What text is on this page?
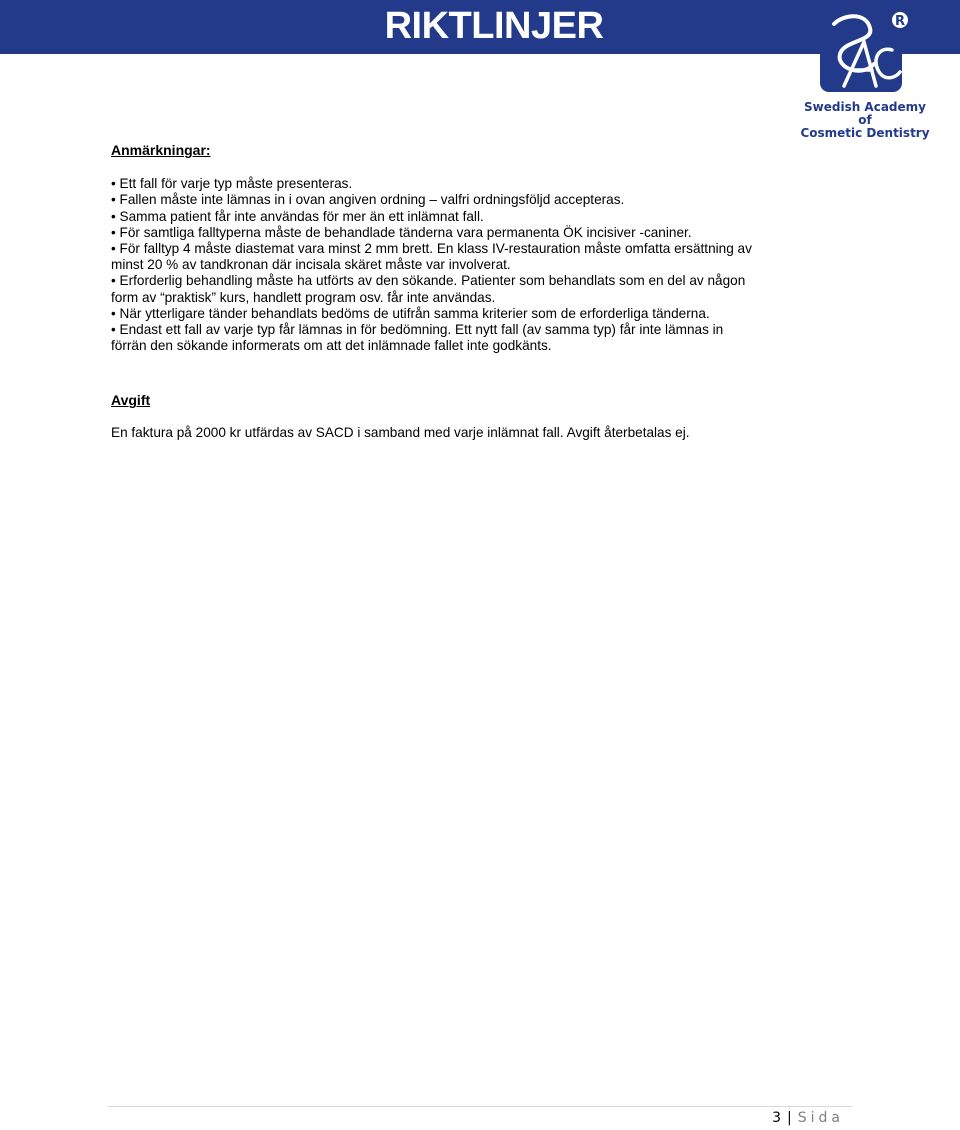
RIKTLINJER	R
Swedish Academy of
Cosmetic Dentistry

Anmärkningar:

• Ett fall för varje typ måste presenteras.

• Fallen måste inte lämnas in i ovan angiven ordning – valfri ordningsföljd accepteras.

• Samma patient får inte användas för mer än ett inlämnat fall.

• För samtliga falltyperna måste de behandlade tänderna vara permanenta ÖK incisiver -caniner.

• För falltyp 4 måste diastemat vara minst 2 mm brett. En klass IV-restauration måste omfatta ersättning av

minst 20 % av tandkronan där incisala skäret måste var involverat.

• Erforderlig behandling måste ha utförts av den sökande. Patienter som behandlats som en del av någon

form av “praktisk” kurs, handlett program osv. får inte användas.

• När ytterligare tänder behandlats bedöms de utifrån samma kriterier som de erforderliga tänderna.

• Endast ett fall av varje typ får lämnas in för bedömning. Ett nytt fall (av samma typ) får inte lämnas in

förrän den sökande informerats om att det inlämnade fallet inte godkänts.

Avgift

En faktura på 2000 kr utfärdas av SACD i samband med varje inlämnat fall. Avgift återbetalas ej.

3 | Sida
